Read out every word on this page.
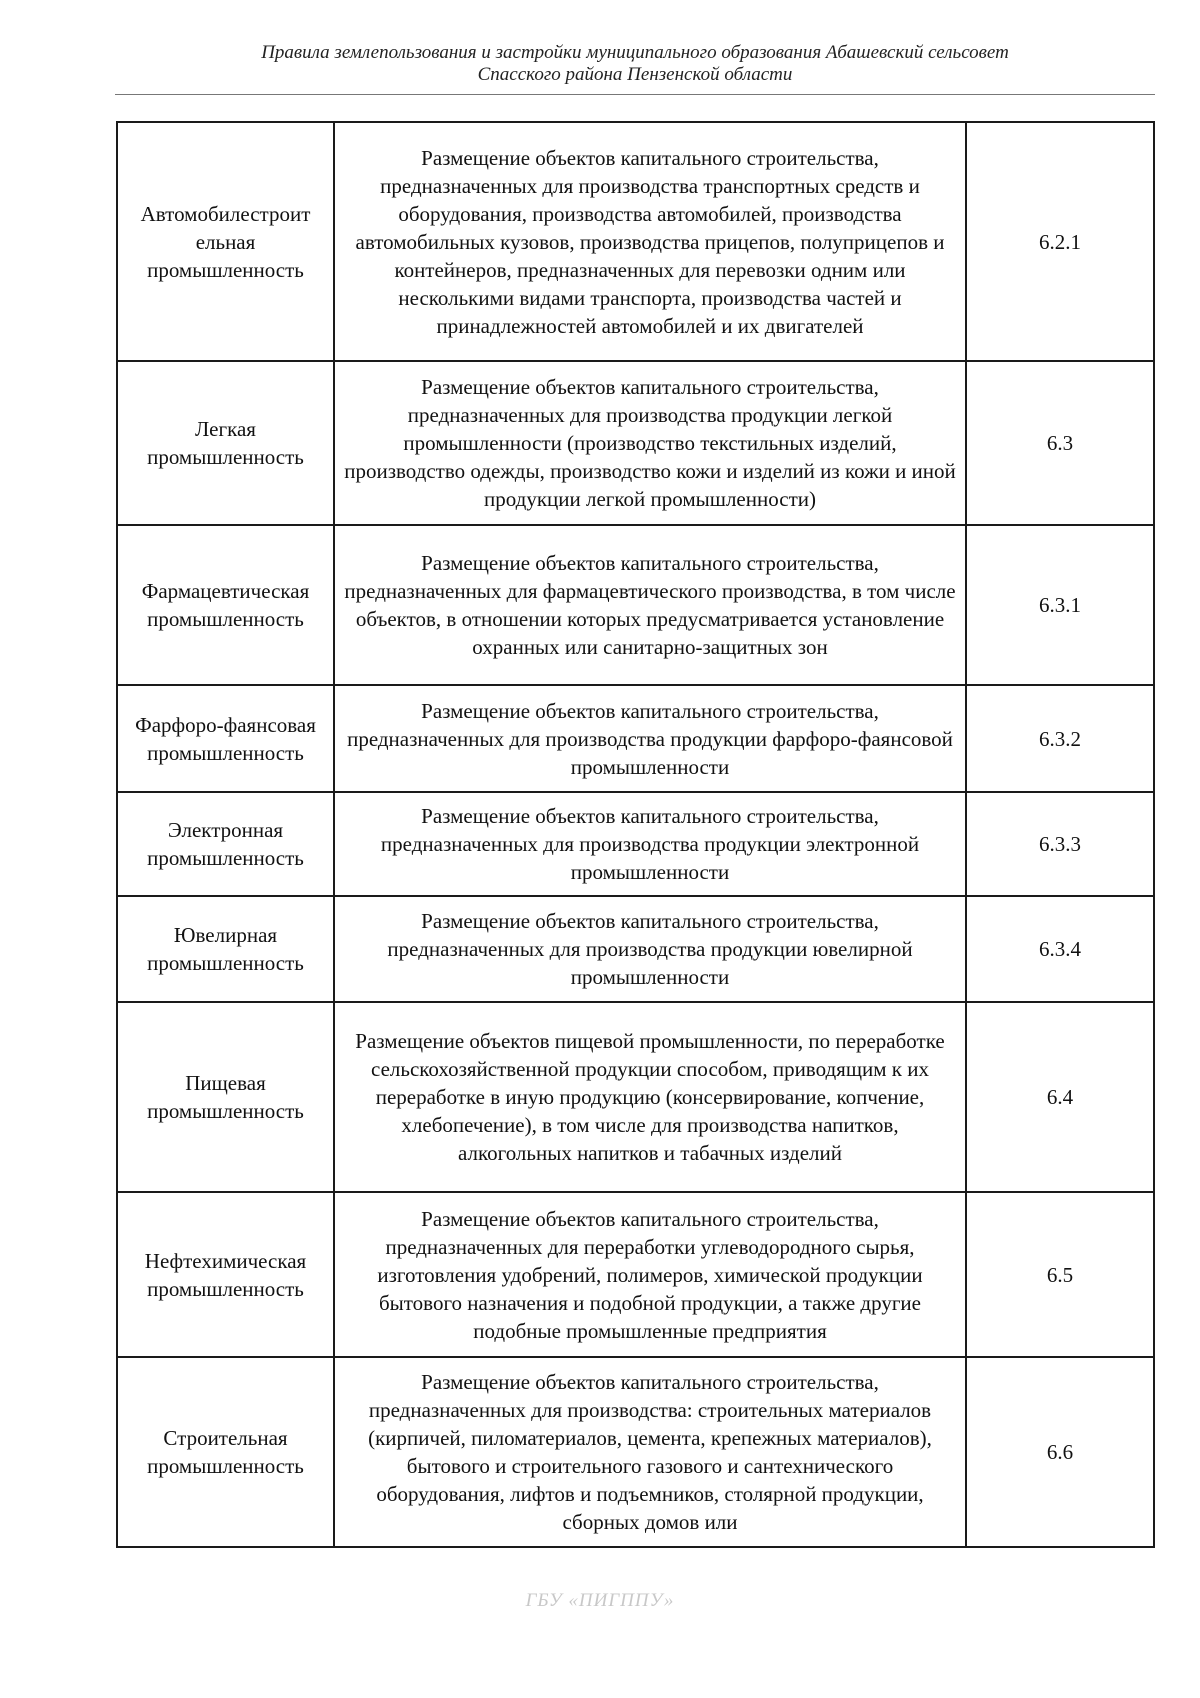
Правила землепользования и застройки муниципального образования Абашевский сельсовет
Спасского района Пензенской области
Автомобилестроит ельная промышленность	Размещение объектов капитального строительства, предназначенных для производства транспортных средств и оборудования, производства автомобилей, производства автомобильных кузовов, производства прицепов, полуприцепов и контейнеров, предназначенных для перевозки одним или несколькими видами транспорта, производства частей и принадлежностей автомобилей и их двигателей	6.2.1
Легкая промышленность	Размещение объектов капитального строительства, предназначенных для производства продукции легкой промышленности (производство текстильных изделий, производство одежды, производство кожи и изделий из кожи и иной продукции легкой промышленности)	6.3
Фармацевтическая промышленность	Размещение объектов капитального строительства, предназначенных для фармацевтического производства, в том числе объектов, в отношении которых предусматривается установление охранных или санитарно-защитных зон	6.3.1
Фарфоро-фаянсовая промышленность	Размещение объектов капитального строительства, предназначенных для производства продукции фарфоро-фаянсовой промышленности	6.3.2
Электронная промышленность	Размещение объектов капитального строительства, предназначенных для производства продукции электронной промышленности	6.3.3
Ювелирная промышленность	Размещение объектов капитального строительства, предназначенных для производства продукции ювелирной промышленности	6.3.4
Пищевая промышленность	Размещение объектов пищевой промышленности, по переработке сельскохозяйственной продукции способом, приводящим к их переработке в иную продукцию (консервирование, копчение, хлебопечение), в том числе для производства напитков, алкогольных напитков и табачных изделий	6.4
Нефтехимическая промышленность	Размещение объектов капитального строительства, предназначенных для переработки углеводородного сырья, изготовления удобрений, полимеров, химической продукции бытового назначения и подобной продукции, а также другие подобные промышленные предприятия	6.5
Строительная промышленность	Размещение объектов капитального строительства, предназначенных для производства: строительных материалов (кирпичей, пиломатериалов, цемента, крепежных материалов), бытового и строительного газового и сантехнического оборудования, лифтов и подъемников, столярной продукции, сборных домов или	6.6
ГБУ «ПИГППУ»
